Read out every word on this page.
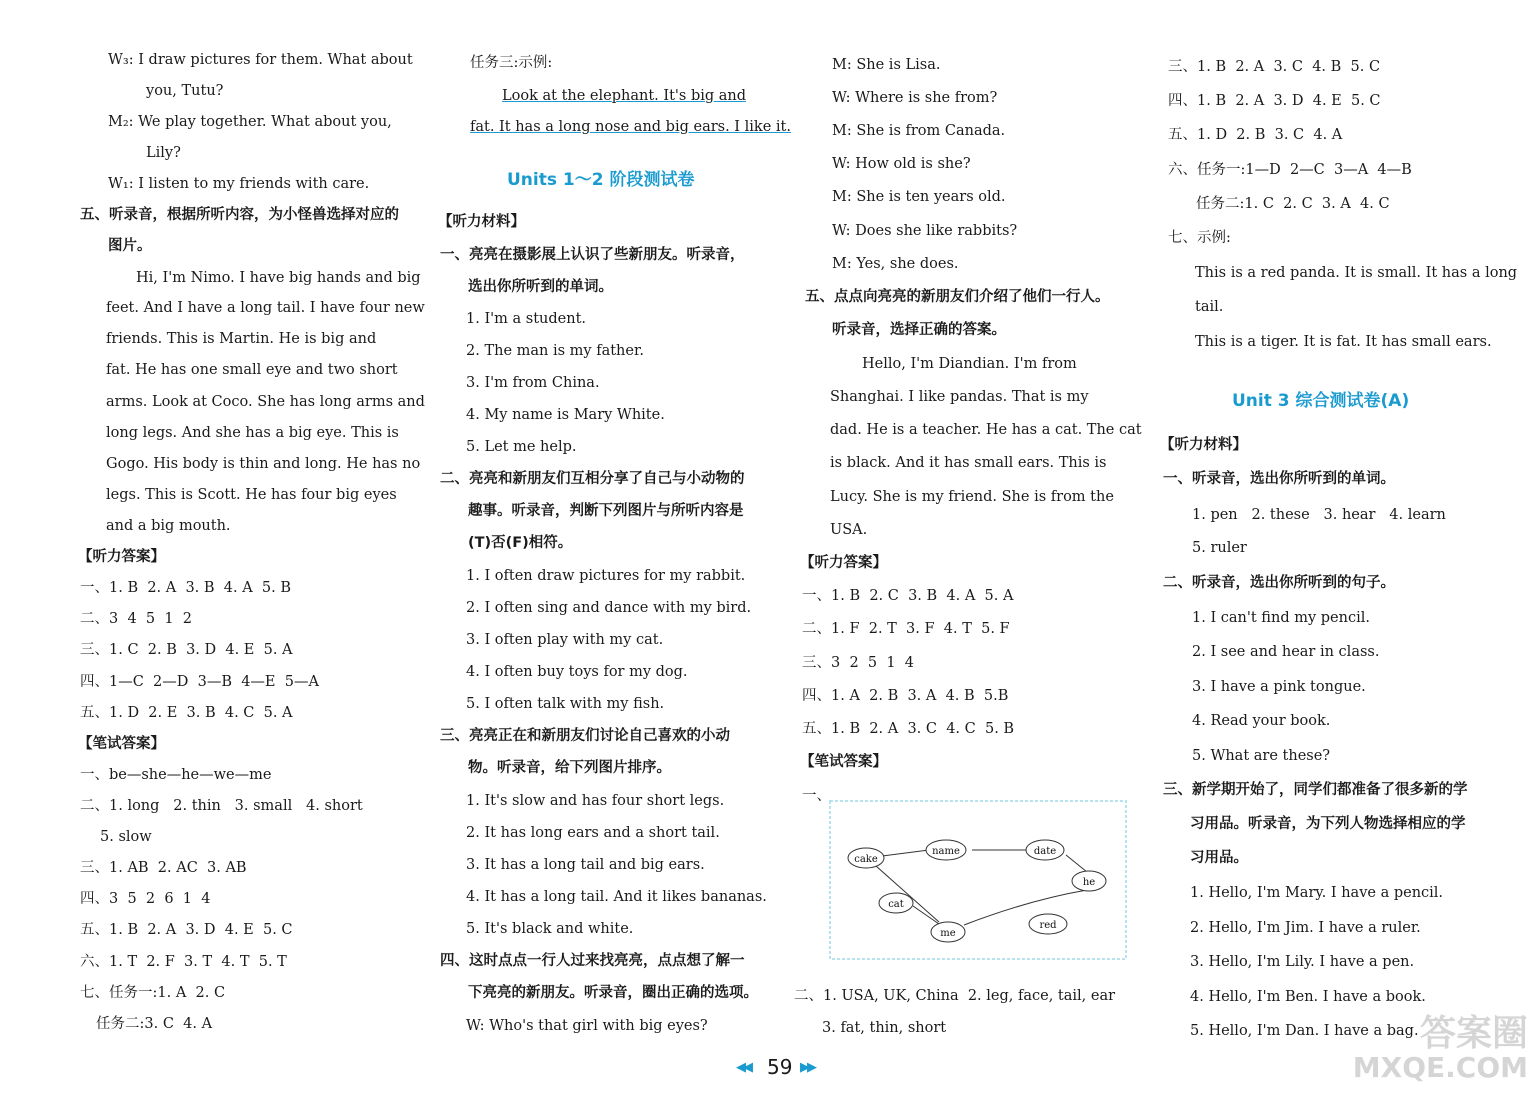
W₃: I draw pictures for them. What about
you, Tutu?
M₂: We play together. What about you,
Lily?
W₁: I listen to my friends with care.
五、听录音，根据所听内容，为小怪兽选择对应的
图片。
Hi, I'm Nimo. I have big hands and big
feet. And I have a long tail. I have four new
friends. This is Martin. He is big and
fat. He has one small eye and two short
arms. Look at Coco. She has long arms and
long legs. And she has a big eye. This is
Gogo. His body is thin and long. He has no
legs. This is Scott. He has four big eyes
and a big mouth.
【听力答案】
一、1. B  2. A  3. B  4. A  5. B
二、3  4  5  1  2
三、1. C  2. B  3. D  4. E  5. A
四、1—C  2—D  3—B  4—E  5—A
五、1. D  2. E  3. B  4. C  5. A
【笔试答案】
一、be—she—he—we—me
二、1. long   2. thin   3. small   4. short
5. slow
三、1. AB  2. AC  3. AB
四、3  5  2  6  1  4
五、1. B  2. A  3. D  4. E  5. C
六、1. T  2. F  3. T  4. T  5. T
七、任务一:1. A  2. C
任务二:3. C  4. A
任务三:示例:
Look at the elephant. It's big and
fat. It has a long nose and big ears. I like it.
【听力材料】
一、亮亮在摄影展上认识了些新朋友。听录音，
选出你所听到的单词。
1. I'm a student.
2. The man is my father.
3. I'm from China.
4. My name is Mary White.
5. Let me help.
二、亮亮和新朋友们互相分享了自己与小动物的
趣事。听录音，判断下列图片与所听内容是
(T)否(F)相符。
1. I often draw pictures for my rabbit.
2. I often sing and dance with my bird.
3. I often play with my cat.
4. I often buy toys for my dog.
5. I often talk with my fish.
三、亮亮正在和新朋友们讨论自己喜欢的小动
物。听录音，给下列图片排序。
1. It's slow and has four short legs.
2. It has long ears and a short tail.
3. It has a long tail and big ears.
4. It has a long tail. And it likes bananas.
5. It's black and white.
四、这时点点一行人过来找亮亮，点点想了解一
下亮亮的新朋友。听录音，圈出正确的选项。
W: Who's that girl with big eyes?
M: She is Lisa.
W: Where is she from?
M: She is from Canada.
W: How old is she?
M: She is ten years old.
W: Does she like rabbits?
M: Yes, she does.
五、点点向亮亮的新朋友们介绍了他们一行人。
听录音，选择正确的答案。
Hello, I'm Diandian. I'm from
Shanghai. I like pandas. That is my
dad. He is a teacher. He has a cat. The cat
is black. And it has small ears. This is
Lucy. She is my friend. She is from the
USA.
【听力答案】
一、1. B  2. C  3. B  4. A  5. A
二、1. F  2. T  3. F  4. T  5. F
三、3  2  5  1  4
四、1. A  2. B  3. A  4. B  5.B
五、1. B  2. A  3. C  4. C  5. B
【笔试答案】
一、
二、1. USA, UK, China  2. leg, face, tail, ear
3. fat, thin, short
三、1. B  2. A  3. C  4. B  5. C
四、1. B  2. A  3. D  4. E  5. C
五、1. D  2. B  3. C  4. A
六、任务一:1—D  2—C  3—A  4—B
任务二:1. C  2. C  3. A  4. C
七、示例:
This is a red panda. It is small. It has a long
tail.
This is a tiger. It is fat. It has small ears.
【听力材料】
一、听录音，选出你所听到的单词。
1. pen   2. these   3. hear   4. learn
5. ruler
二、听录音，选出你所听到的句子。
1. I can't find my pencil.
2. I see and hear in class.
3. I have a pink tongue.
4. Read your book.
5. What are these?
三、新学期开始了，同学们都准备了很多新的学
习用品。听录音，为下列人物选择相应的学
习用品。
1. Hello, I'm Mary. I have a pencil.
2. Hello, I'm Jim. I have a ruler.
3. Hello, I'm Lily. I have a pen.
4. Hello, I'm Ben. I have a book.
5. Hello, I'm Dan. I have a bag.
Units 1～2 阶段测试卷
Unit 3 综合测试卷(A)
cake
name	date
he
cat
me
red
◀◀ 59 ▶▶
答案圈
MXQE.COM
